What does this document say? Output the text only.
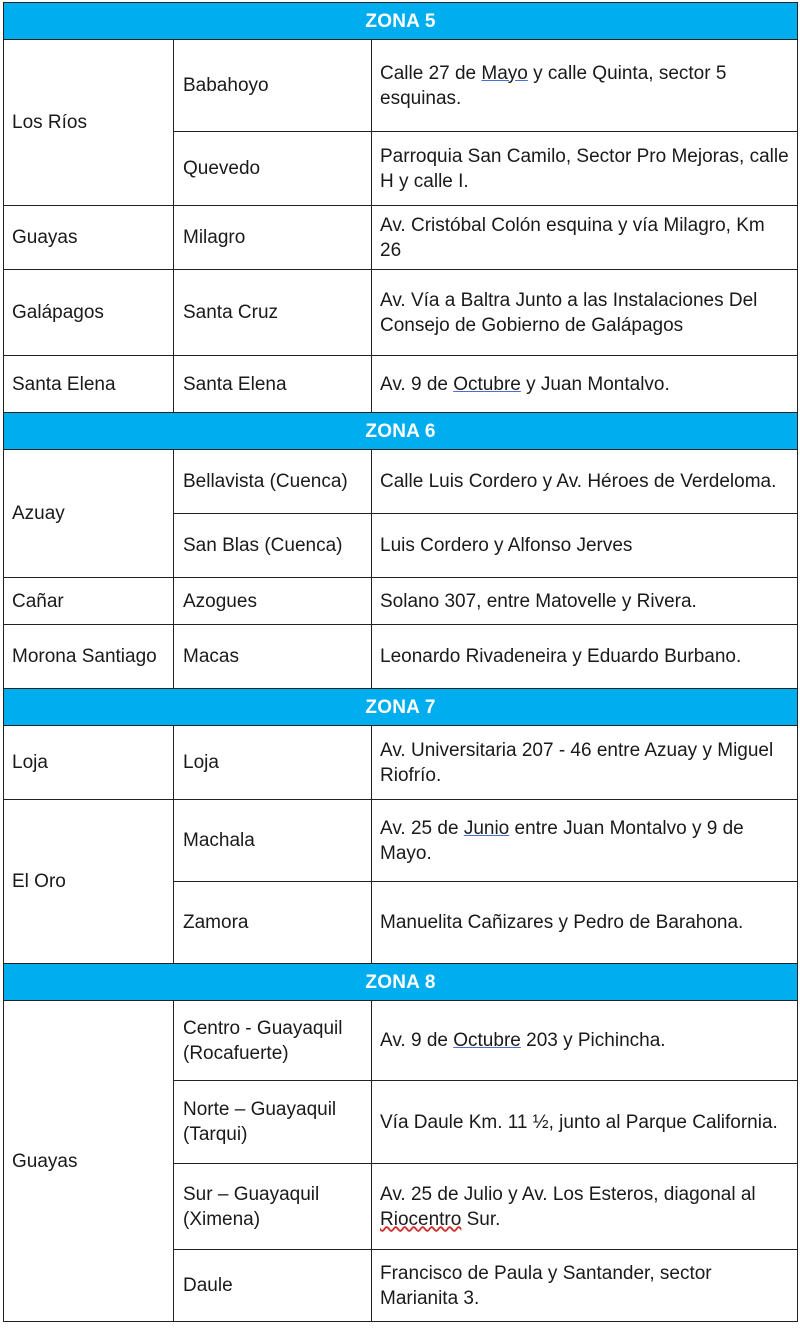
ZONA 5		
Los Ríos	Babahoyo	Calle 27 de Mayo y calle Quinta, sector 5 esquinas.
	Quevedo	Parroquia San Camilo, Sector Pro Mejoras, calle H y calle I.
Guayas	Milagro	Av. Cristóbal Colón esquina y vía Milagro, Km 26
Galápagos	Santa Cruz	Av. Vía a Baltra Junto a las Instalaciones Del Consejo de Gobierno de Galápagos
Santa Elena	Santa Elena	Av. 9 de Octubre y Juan Montalvo.
ZONA 6		
Azuay	Bellavista (Cuenca)	Calle Luis Cordero y Av. Héroes de Verdeloma.
	San Blas (Cuenca)	Luis Cordero y Alfonso Jerves
Cañar	Azogues	Solano 307, entre Matovelle y Rivera.
Morona Santiago	Macas	Leonardo Rivadeneira y Eduardo Burbano.
ZONA 7		
Loja	Loja	Av. Universitaria 207 - 46 entre Azuay y Miguel Riofrío.
El Oro	Machala	Av. 25 de Junio entre Juan Montalvo y 9 de Mayo.
	Zamora	Manuelita Cañizares y Pedro de Barahona.
ZONA 8		
Guayas	Centro - Guayaquil (Rocafuerte)	Av. 9 de Octubre 203 y Pichincha.
	Norte – Guayaquil (Tarqui)	Vía Daule Km. 11 ½, junto al Parque California.
	Sur – Guayaquil (Ximena)	Av. 25 de Julio y Av. Los Esteros, diagonal al Riocentro Sur.
	Daule	Francisco de Paula y Santander, sector Marianita 3.
